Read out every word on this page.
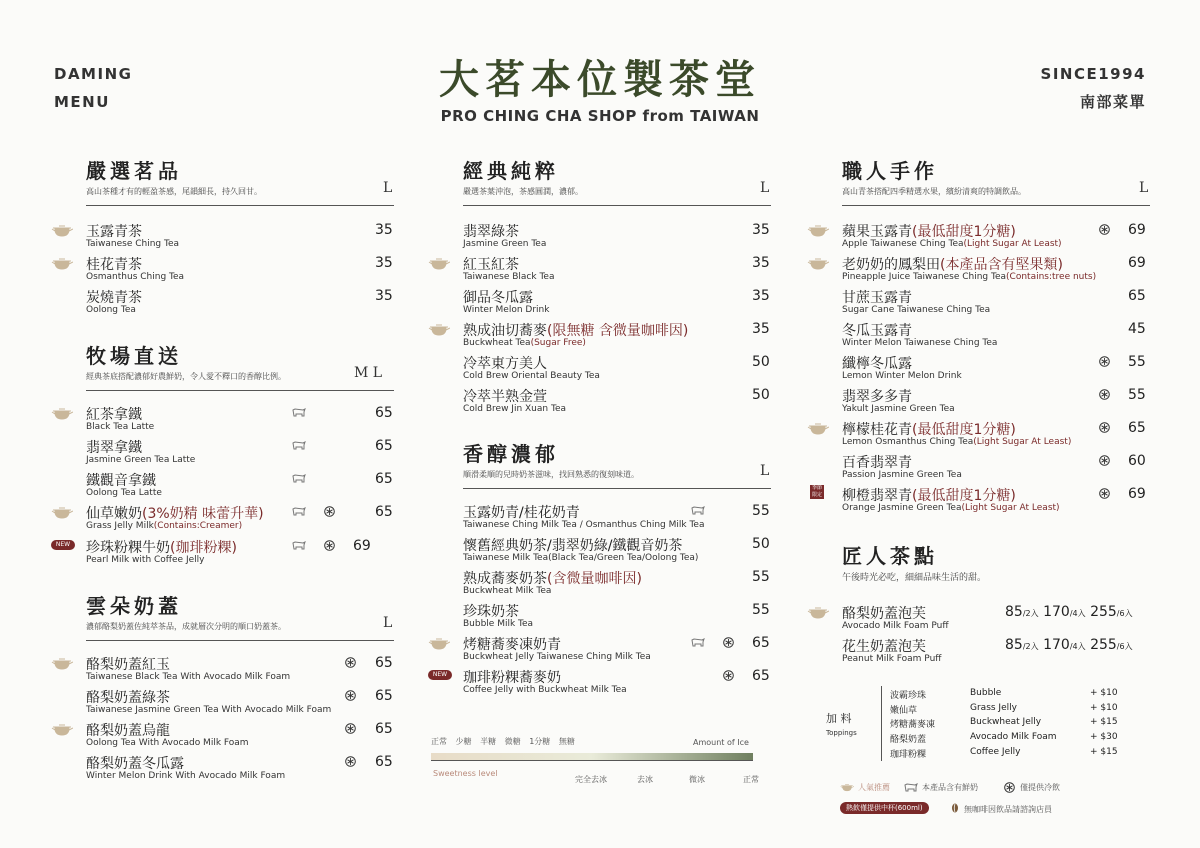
DAMING
MENU	大茗本位製茶堂
PRO CHING CHA SHOP from TAIWAN
SINCE1994
南部菜單
嚴選茗品
高山茶種才有的輕盈茶感，尾韻細長，持久回甘。	L
玉露青茶
Taiwanese Ching Tea
35
桂花青茶
Osmanthus Ching Tea
35
炭燒青茶
Oolong Tea
35
牧場直送
經典茶底搭配濃郁好農鮮奶，令人愛不釋口的香醇比例。	M L
紅茶拿鐵
Black Tea Latte
65
翡翠拿鐵
Jasmine Green Tea Latte
65
鐵觀音拿鐵
Oolong Tea Latte
65
仙草嫩奶(3%奶精 味蕾升華)
Grass Jelly Milk(Contains:Creamer)
65
NEW	珍珠粉粿牛奶(珈琲粉粿)
Pearl Milk with Coffee Jelly
69
雲朵奶蓋
濃郁酪梨奶蓋佐純萃茶品，成就層次分明的順口奶蓋茶。	L
酪梨奶蓋紅玉
Taiwanese Black Tea With Avocado Milk Foam
65
酪梨奶蓋綠茶
Taiwanese Jasmine Green Tea With Avocado Milk Foam
65
酪梨奶蓋烏龍
Oolong Tea With Avocado Milk Foam
65
酪梨奶蓋冬瓜露
Winter Melon Drink With Avocado Milk Foam
65
經典純粹
嚴選茶葉沖泡，茶感圓潤，濃郁。	L
翡翠綠茶
Jasmine Green Tea
35
紅玉紅茶
Taiwanese Black Tea
35
御品冬瓜露
Winter Melon Drink
35
熟成油切蕎麥(限無糖 含微量咖啡因)
Buckwheat Tea(Sugar Free)
35
冷萃東方美人
Cold Brew Oriental Beauty Tea
50
冷萃半熟金萱
Cold Brew Jin Xuan Tea
50
香醇濃郁
順滑柔順的兒時奶茶滋味，找回熟悉的復刻味道。	L
玉露奶青/桂花奶青
Taiwanese Ching Milk Tea / Osmanthus Ching Milk Tea
55
懷舊經典奶茶/翡翠奶綠/鐵觀音奶茶
Taiwanese Milk Tea(Black Tea/Green Tea/Oolong Tea)
50
熟成蕎麥奶茶(含微量咖啡因)
Buckwheat Milk Tea
55
珍珠奶茶
Bubble Milk Tea
55
烤糖蕎麥凍奶青
Buckwheat Jelly Taiwanese Ching Milk Tea
65
NEW	珈琲粉粿蕎麥奶
Coffee Jelly with Buckwheat Milk Tea
65
正常 少糖 半糖 微糖 1分糖 無糖	Amount of Ice
Sweetness level
完全去冰	去冰	微冰	正常
職人手作
高山青茶搭配四季精選水果，繽紛清爽的特調飲品。	L
蘋果玉露青(最低甜度1分糖)
Apple Taiwanese Ching Tea(Light Sugar At Least)
69
老奶奶的鳳梨田(本產品含有堅果類)
Pineapple Juice Taiwanese Ching Tea(Contains:tree nuts)
69
甘蔗玉露青
Sugar Cane Taiwanese Ching Tea
65
冬瓜玉露青
Winter Melon Taiwanese Ching Tea
45
纖檸冬瓜露
Lemon Winter Melon Drink
55
翡翠多多青
Yakult Jasmine Green Tea
55
檸檬桂花青(最低甜度1分糖)
Lemon Osmanthus Ching Tea(Light Sugar At Least)
65
百香翡翠青
Passion Jasmine Green Tea
60
季節限定 柳橙翡翠青(最低甜度1分糖)
Orange Jasmine Green Tea(Light Sugar At Least)
69
匠人茶點
午後時光必吃，細細品味生活的甜。
酪梨奶蓋泡芙
Avocado Milk Foam Puff
85/2入 170/4入 255/6入
花生奶蓋泡芙
Peanut Milk Foam Puff
85/2入 170/4入 255/6入
加 料
Toppings
波霸珍珠	Bubble	+ $10
嫩仙草	Grass Jelly	+ $10
烤糖蕎麥凍	Buckwheat Jelly	+ $15
酪梨奶蓋	Avocado Milk Foam	+ $30
珈琲粉粿	Coffee Jelly	+ $15
人氣推薦	本產品含有鮮奶	僅提供冷飲
熱飲僅提供中杯(600ml)	無咖啡因飲品請諮詢店員
